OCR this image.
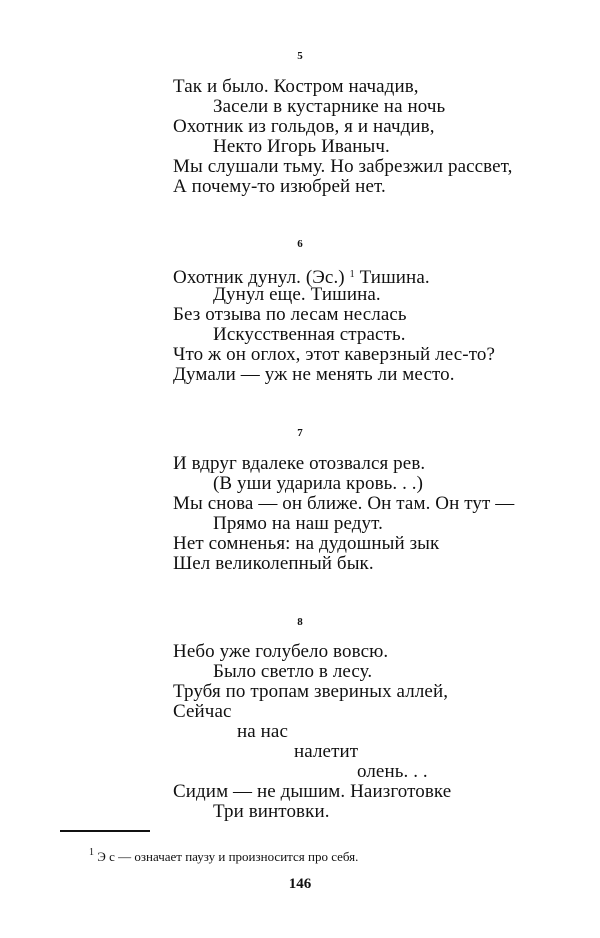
5
Так и было. Костром начадив,
Засели в кустарнике на ночь
Охотник из гольдов, я и начдив,
Некто Игорь Иваныч.
Мы слушали тьму. Но забрезжил рассвет,
А почему-то изюбрей нет.
6
Охотник дунул. (Эс.) $^1$ Тишина.
Дунул еще. Тишина.
Без отзыва по лесам неслась
Искусственная страсть.
Что ж он оглох, этот каверзный лес-то?
Думали — уж не менять ли место.
7
И вдруг вдалеке отозвался рев.
(В уши ударила кровь. . .)
Мы снова — он ближе. Он там. Он тут —
Прямо на наш редут.
Нет сомненья: на дудошный зык
Шел великолепный бык.
8
Небо уже голубело вовсю.
Было светло в лесу.
Трубя по тропам звериных аллей,
Сейчас
на нас
налетит
олень. . .
Сидим — не дышим. Наизготовке
Три винтовки.
$^1$ Э с — означает паузу и произносится про себя.
146
